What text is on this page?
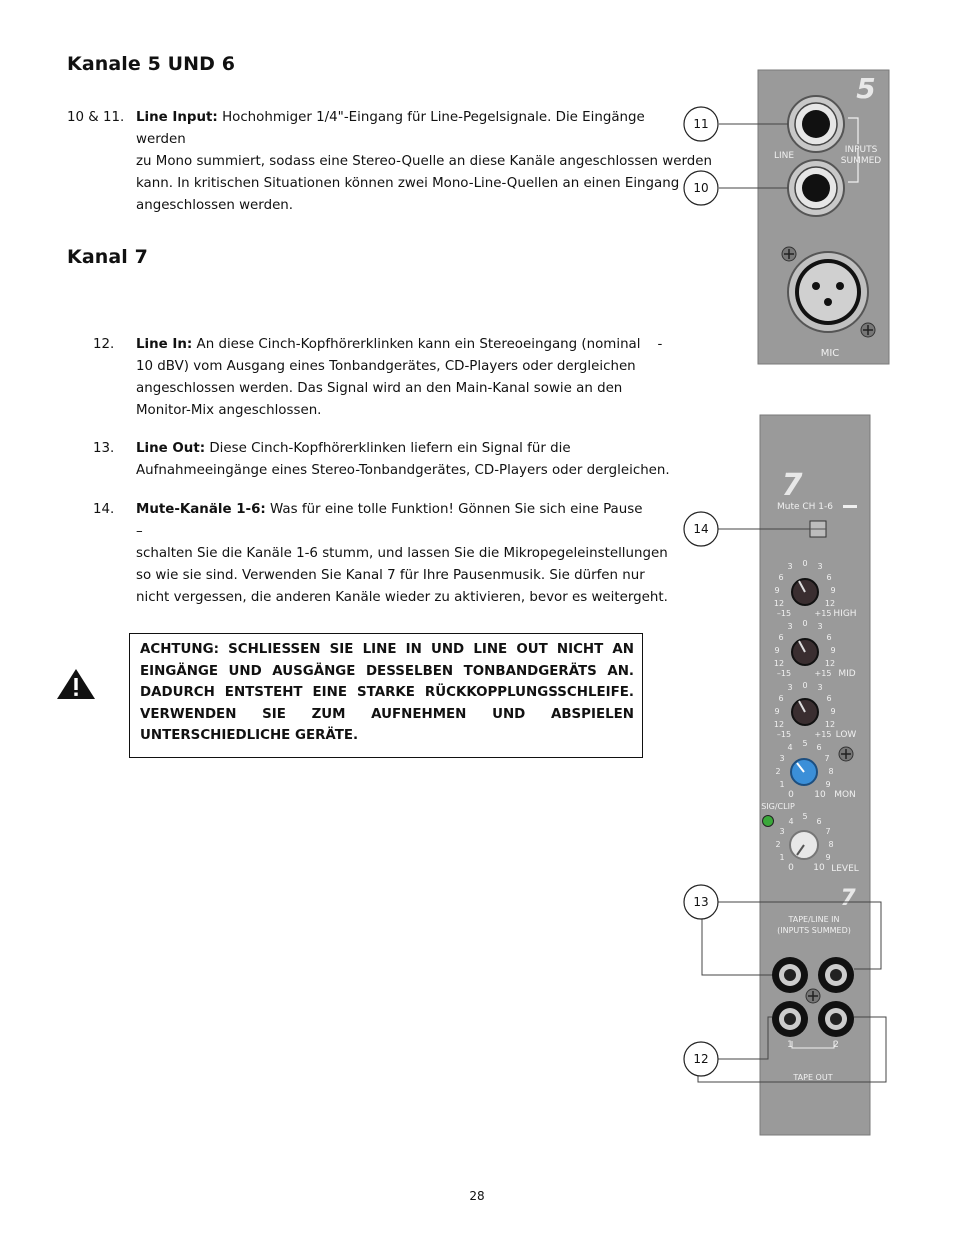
Kanale 5 UND 6
10 & 11. Line Input: Hochohmiger 1/4"-Eingang für Line-Pegelsignale. Die Eingänge werden
zu Mono summiert, sodass eine Stereo-Quelle an diese Kanäle angeschlossen werden
kann. In kritischen Situationen können zwei Mono-Line-Quellen an einen Eingang
angeschlossen werden.
Kanal 7
12. Line In: An diese Cinch-Kopfhörerklinken kann ein Stereoeingang (nominal    -
10 dBV) vom Ausgang eines Tonbandgerätes, CD-Players oder dergleichen
angeschlossen werden. Das Signal wird an den Main-Kanal sowie an den
Monitor-Mix angeschlossen.
13. Line Out: Diese Cinch-Kopfhörerklinken liefern ein Signal für die
Aufnahmeeingänge eines Stereo-Tonbandgerätes, CD-Players oder dergleichen.
14. Mute-Kanäle 1-6: Was für eine tolle Funktion! Gönnen Sie sich eine Pause –
schalten Sie die Kanäle 1-6 stumm, und lassen Sie die Mikropegeleinstellungen
so wie sie sind. Verwenden Sie Kanal 7 für Ihre Pausenmusik. Sie dürfen nur
nicht vergessen, die anderen Kanäle wieder zu aktivieren, bevor es weitergeht.
ACHTUNG: SCHLIESSEN SIE LINE IN UND LINE OUT NICHT AN
EINGÄNGE UND AUSGÄNGE DESSELBEN TONBANDGERÄTS AN.
DADURCH ENTSTEHT EINE STARKE RÜCKKOPPLUNGSSCHLEIFE.
VERWENDEN SIE ZUM AUFNEHMEN UND ABSPIELEN
UNTERSCHIEDLICHE GERÄTE.
5
LINE
INPUTS
SUMMED
MIC
11
10
7
Mute CH 1-6
0
3	3
6	6
9	9
12	12
–15	+15 HIGH
0
3	3
6	6
9	9
12	12
–15	+15 MID
0
3	3
6	6
9	9
12	12
–15	+15 LOW
4 5 6
3	7
2	8
1	9
0 10 MON
SIG/CLIP
4
5
6
3	7
2	8
1	9
0 10 LEVEL
7
TAPE/LINE IN
(INPUTS SUMMED)
1	2
TAPE OUT
14
13
12
28
